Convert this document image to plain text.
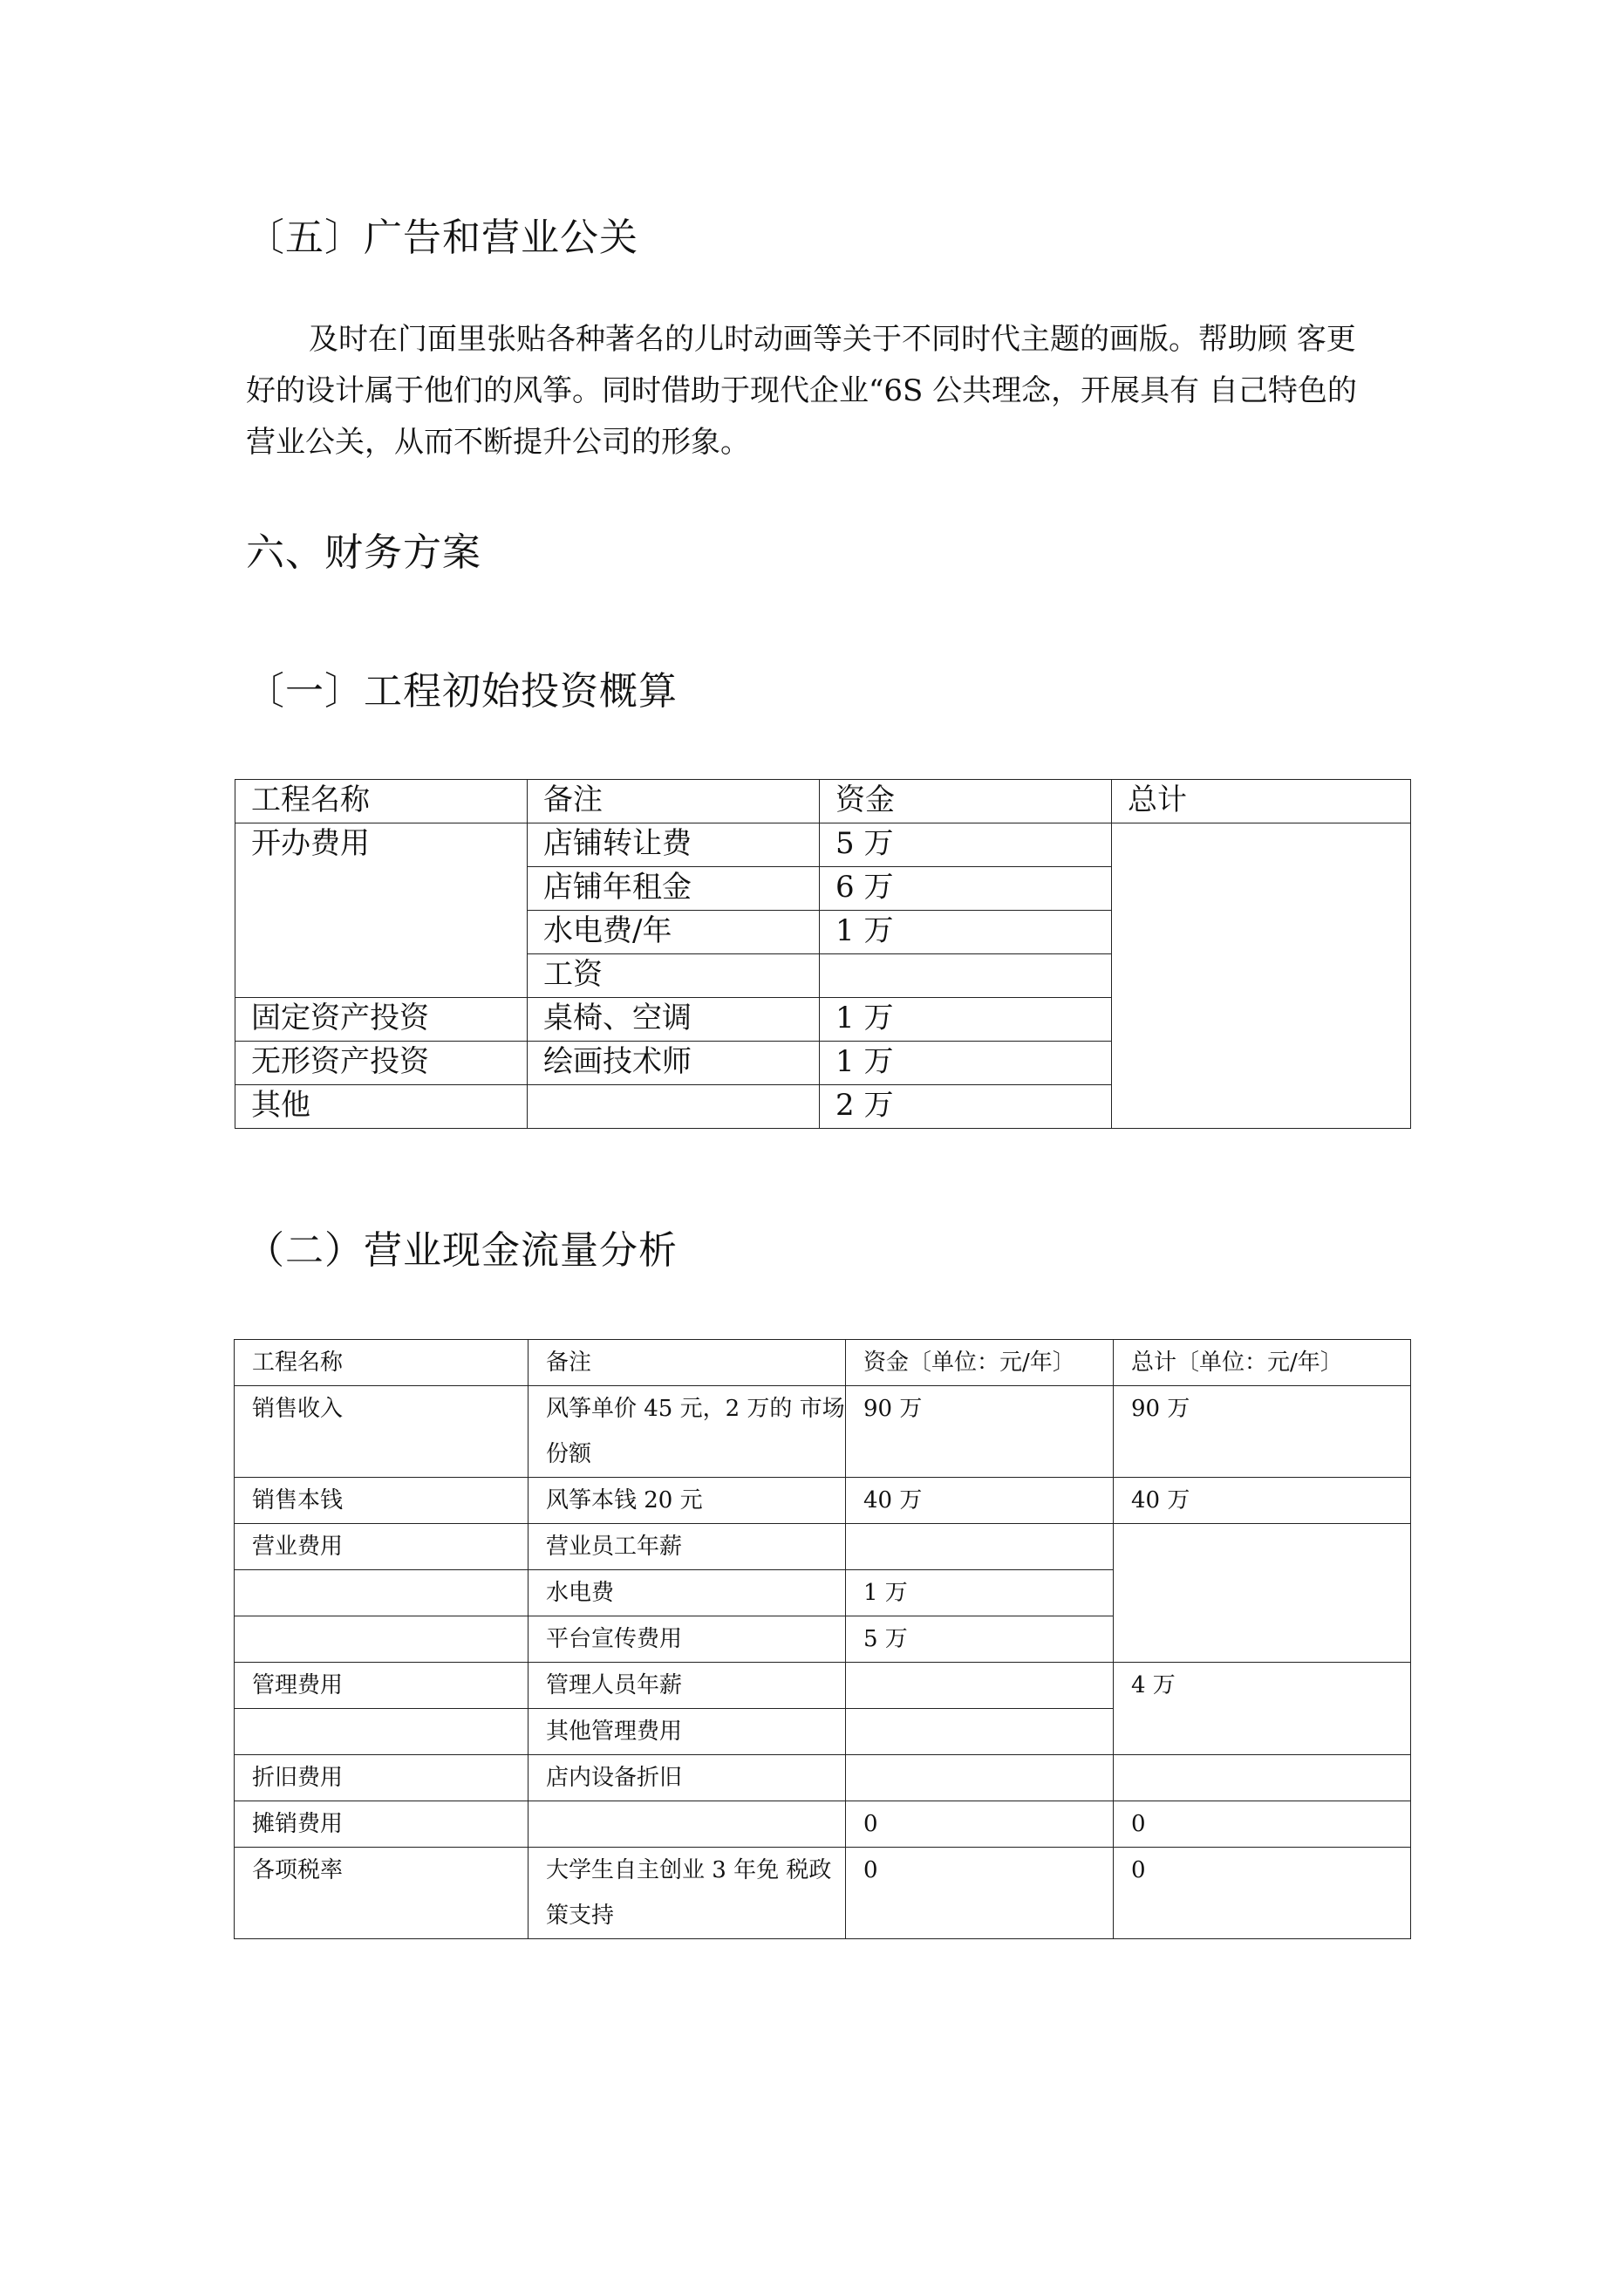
〔五〕广告和营业公关

及时在门面里张贴各种著名的儿时动画等关于不同时代主题的画版。帮助顾 客更

好的设计属于他们的风筝。同时借助于现代企业“6S 公共理念，开展具有 自己特色的

营业公关，从而不断提升公司的形象。

六、财务方案
〔一〕工程初始投资概算
工程名称	备注	资金	总计
开办费用	店铺转让费	5 万	
	店铺年租金	6 万	
	水电费/年	1 万	
	工资		
固定资产投资	桌椅、空调	1 万	
无形资产投资	绘画技术师	1 万	
其他		2 万	
（二）营业现金流量分析
工程名称	备注	资金〔单位：元/年〕	总计〔单位：元/年〕
销售收入	风筝单价 45 元，2 万的 市场份额	90 万	90 万
销售本钱	风筝本钱 20 元	40 万	40 万
营业费用	营业员工年薪		
	水电费	1 万	
	平台宣传费用	5 万	
管理费用	管理人员年薪		4 万
	其他管理费用		
折旧费用	店内设备折旧		
摊销费用		0	0
各项税率	大学生自主创业 3 年免 税政策支持	0	0
